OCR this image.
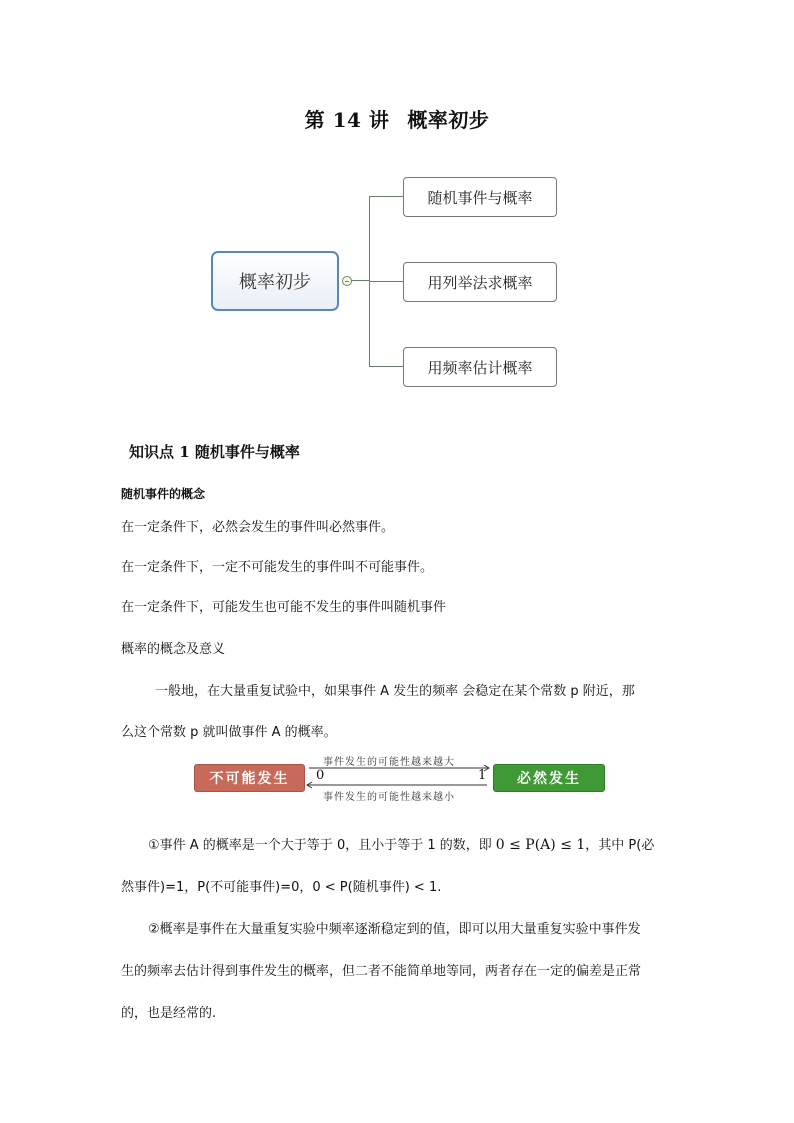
第 14 讲 概率初步
概率初步
随机事件与概率
用列举法求概率
用频率估计概率
知识点 1 随机事件与概率
随机事件的概念
在一定条件下，必然会发生的事件叫必然事件。
在一定条件下，一定不可能发生的事件叫不可能事件。
在一定条件下，可能发生也可能不发生的事件叫随机事件
概率的概念及意义
一般地，在大量重复试验中，如果事件 A 发生的频率 会稳定在某个常数 p 附近，那
么这个常数 p 就叫做事件 A 的概率。
不可能发生	必然发生
事件发生的可能性越来越大
事件发生的可能性越来越小
0	1
①事件 A 的概率是一个大于等于 0，且小于等于 1 的数，即 0 ≤ P(A) ≤ 1，其中 P(必
然事件)=1，P(不可能事件)=0，0 < P(随机事件) < 1.
②概率是事件在大量重复实验中频率逐渐稳定到的值，即可以用大量重复实验中事件发
生的频率去估计得到事件发生的概率，但二者不能简单地等同，两者存在一定的偏差是正常
的，也是经常的.
